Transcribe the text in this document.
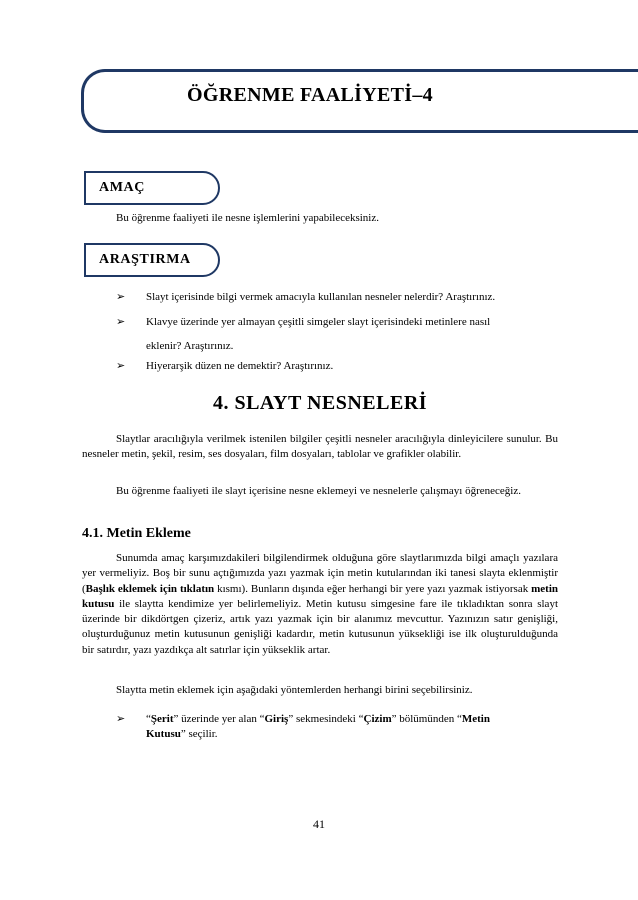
ÖĞRENME FAALİYETİ–4
AMAÇ
Bu öğrenme faaliyeti ile nesne işlemlerini yapabileceksiniz.
ARAŞTIRMA
➢ Slayt içerisinde bilgi vermek amacıyla kullanılan nesneler nelerdir? Araştırınız.
➢ Klavye üzerinde yer almayan çeşitli simgeler slayt içerisindeki metinlere nasıl
eklenir? Araştırınız.
➢ Hiyerarşik düzen ne demektir? Araştırınız.
4. SLAYT NESNELERİ
Slaytlar aracılığıyla verilmek istenilen bilgiler çeşitli nesneler aracılığıyla dinleyicilere sunulur. Bu nesneler metin, şekil, resim, ses dosyaları, film dosyaları, tablolar ve grafikler olabilir.
Bu öğrenme faaliyeti ile slayt içerisine nesne eklemeyi ve nesnelerle çalışmayı öğreneceğiz.
4.1. Metin Ekleme
Sunumda amaç karşımızdakileri bilgilendirmek olduğuna göre slaytlarımızda bilgi amaçlı yazılara yer vermeliyiz. Boş bir sunu açtığımızda yazı yazmak için metin kutularından iki tanesi slayta eklenmiştir (Başlık eklemek için tıklatın kısmı). Bunların dışında eğer herhangi bir yere yazı yazmak istiyorsak metin kutusu ile slaytta kendimize yer belirlemeliyiz. Metin kutusu simgesine fare ile tıkladıktan sonra slayt üzerinde bir dikdörtgen çizeriz, artık yazı yazmak için bir alanımız mevcuttur. Yazınızın satır genişliği, oluşturduğunuz metin kutusunun genişliği kadardır, metin kutusunun yüksekliği ise ilk oluşturulduğunda bir satırdır, yazı yazdıkça alt satırlar için yükseklik artar.
Slaytta metin eklemek için aşağıdaki yöntemlerden herhangi birini seçebilirsiniz.
➢ “Şerit” üzerinde yer alan “Giriş” sekmesindeki “Çizim” bölümünden “Metin
Kutusu” seçilir.
41
